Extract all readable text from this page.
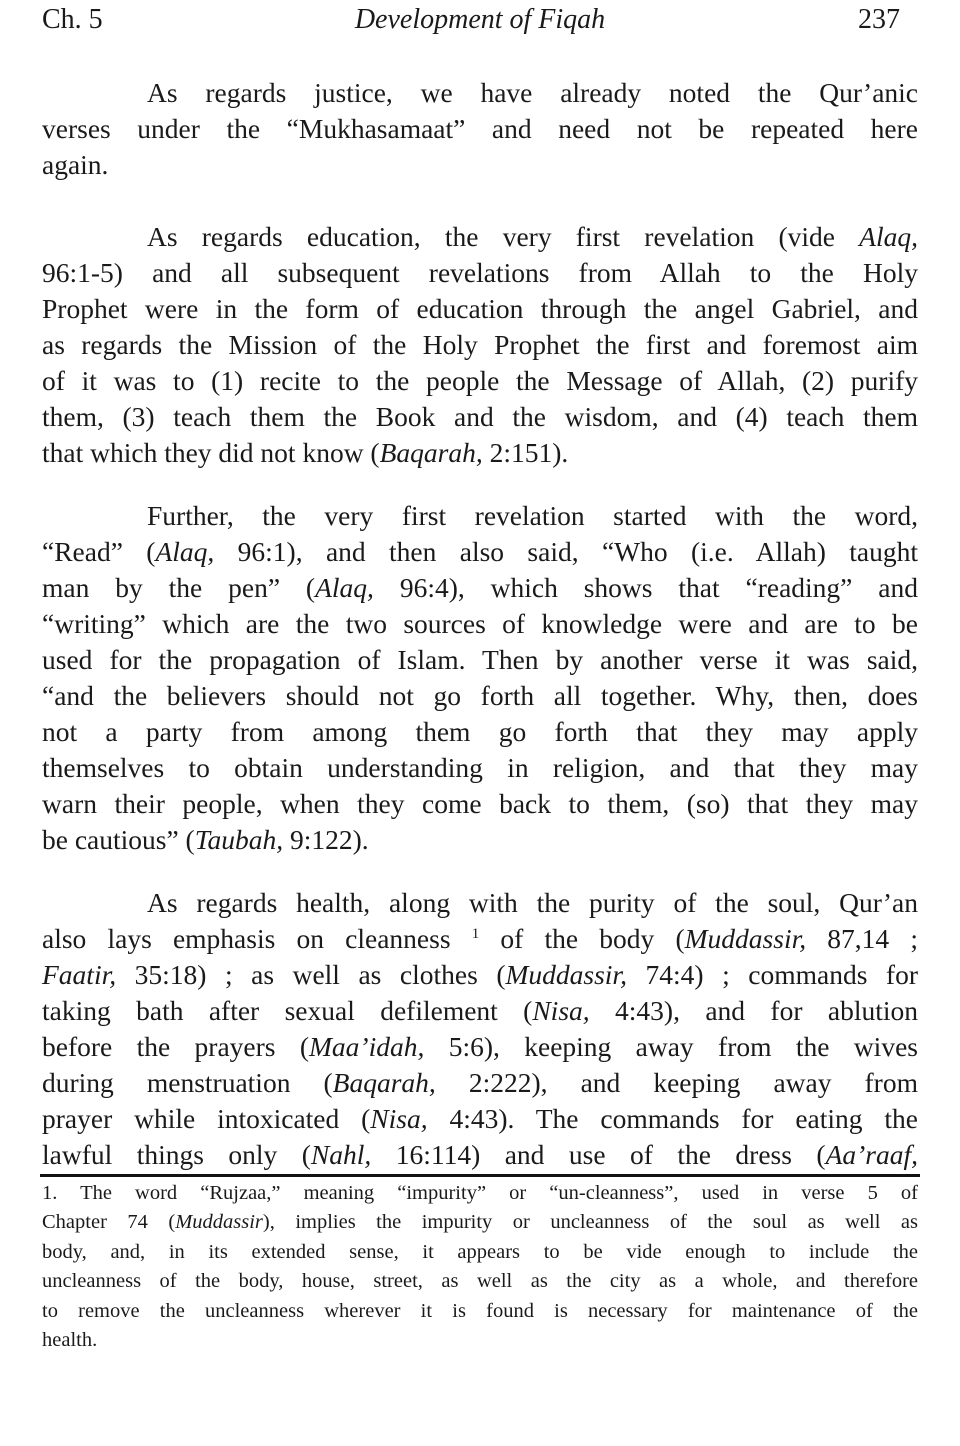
Ch. 5	Development of Fiqah	237
As regards justice, we have already noted the Qur’anic
verses under the “Mukhasamaat” and need not be repeated here
again.
As regards education, the very first revelation (vide Alaq,
96:1-5) and all subsequent revelations from Allah to the Holy
Prophet were in the form of education through the angel Gabriel, and
as regards the Mission of the Holy Prophet the first and foremost aim
of it was to (1) recite to the people the Message of Allah, (2) purify
them, (3) teach them the Book and the wisdom, and (4) teach them
that which they did not know (Baqarah, 2:151).
Further, the very first revelation started with the word,
“Read” (Alaq, 96:1), and then also said, “Who (i.e. Allah) taught
man by the pen” (Alaq, 96:4), which shows that “reading” and
“writing” which are the two sources of knowledge were and are to be
used for the propagation of Islam. Then by another verse it was said,
“and the believers should not go forth all together. Why, then, does
not a party from among them go forth that they may apply
themselves to obtain understanding in religion, and that they may
warn their people, when they come back to them, (so) that they may
be cautious” (Taubah, 9:122).
As regards health, along with the purity of the soul, Qur’an
also lays emphasis on cleanness $^1$ of the body (Muddassir, 87,14 ;
Faatir, 35:18) ; as well as clothes (Muddassir, 74:4) ; commands for
taking bath after sexual defilement (Nisa, 4:43), and for ablution
before the prayers (Maa’idah, 5:6), keeping away from the wives
during menstruation (Baqarah, 2:222), and keeping away from
prayer while intoxicated (Nisa, 4:43). The commands for eating the
lawful things only (Nahl, 16:114) and use of the dress (Aa’raaf,
1. The word “Rujzaa,” meaning “impurity” or “un-cleanness”, used in verse 5 of
Chapter 74 (Muddassir), implies the impurity or uncleanness of the soul as well as
body, and, in its extended sense, it appears to be vide enough to include the
uncleanness of the body, house, street, as well as the city as a whole, and therefore
to remove the uncleanness wherever it is found is necessary for maintenance of the
health.
